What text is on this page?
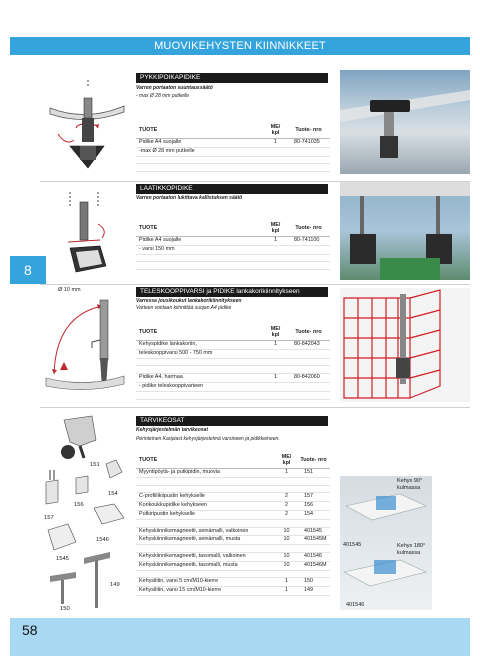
MUOVIKEHYSTEN KIINNIKKEET
8
PYKKIPOIKAPIDIKE
Varren portaaton suuntaussäätö
- max Ø 28 mm putkelle
TUOTE	ME/ kpl	Tuote- nro
Pidike A4 suojalle	1	80-741035
-max Ø 28 mm putkelle		

LAATIKKOPIDIKE
Varren portaaton lukittava kallistuksen säätö
TUOTE	ME/ kpl	Tuote- nro
Pidike A4 suojalle	1	80-741100
- varsi 150 mm		

Ø 10 mm	TELESKOOPPIVARSI ja PIDIKE lankakorikiinnitykseen
Varressa jousikoukut lankakorikiinnitykseen
Varteen voidaan kiinnittää suojan A4 pidike
TUOTE	ME/ kpl	Tuote- nro
Kehyspidike lankakoriin,	1	80-842043
teleskooppivarsi 500 - 750 mm		

Pidike A4, harmaa	1	80-842060
- pidike teleskooppivarteen		

151
154
156
157
1546
1545
149
150
TARVIKEOSAT
Kehysjärjestelmän tarvikeosat
Perinteinen Karipiast kehysjärjestelmä varsineen ja pidikkeineen.
TUOTE	ME/ kpl	Tuote- nro
Myyntipöytä- ja putkipidin, muovia	1	151

C-profiilikiipustin kehykselle	2	157
Korikoukkupidike kehykseen	2	156
Putkiripustin kehykselle	2	154

Kehyskiinnikemagneetti, seinämalli, valkoinen	10	401545
Kehyskiinnikemagneetti, seinämalli, musta	10	401545M

Kehyskiinnikemagneetti, tasomalli, valkoinen	10	401546
Kehyskiinnikemagneetti, tasomalli, musta	10	401546M

Kehysliitin, varsi 5 cm/M10-kierre	1	150
Kehysliitin, varsi 15 cm/M10-kierre	1	149
Kehys 90° kulmassa
Kehys 180° kulmassa
401545
401546
58
